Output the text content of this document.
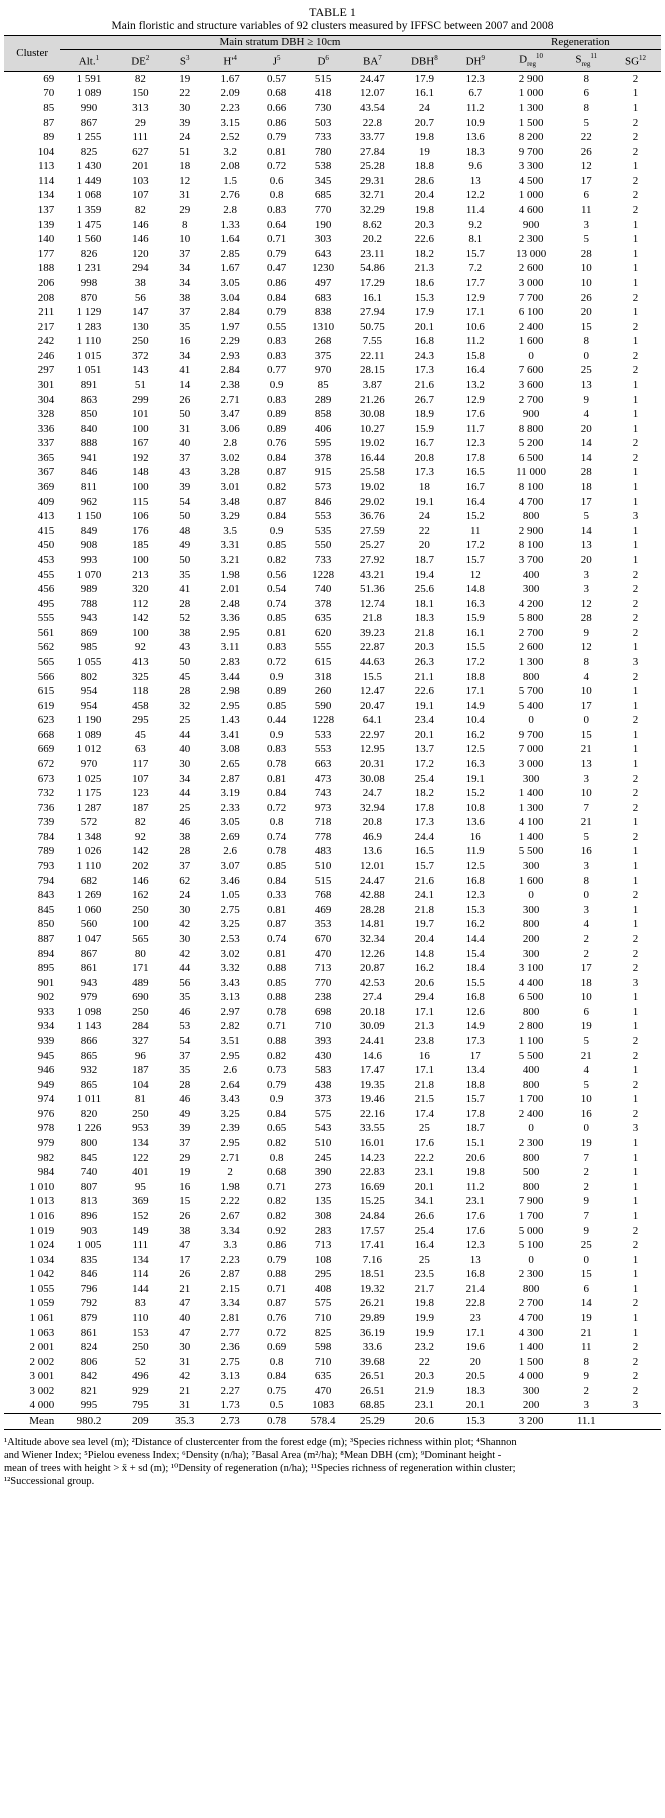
TABLE 1
Main floristic and structure variables of 92 clusters measured by IFFSC between 2007 and 2008
Cluster	Main stratum DBH ≥ 10cm									Regeneration		
	Alt.$^1$	$DE^2$	$S^3$	$H'^4$	$J^5$	$D^6$	$BA^7$	DBH$^8$	$DH^9$	$D_{reg}^{10}$	$S_{reg}^{11}$	SG$^{12}$
69	1 591	82	19	1.67	0.57	515	24.47	17.9	12.3	2 900	8	2
70	1 089	150	22	2.09	0.68	418	12.07	16.1	6.7	1 000	6	1
85	990	313	30	2.23	0.66	730	43.54	24	11.2	1 300	8	1
87	867	29	39	3.15	0.86	503	22.8	20.7	10.9	1 500	5	2
89	1 255	111	24	2.52	0.79	733	33.77	19.8	13.6	8 200	22	2
104	825	627	51	3.2	0.81	780	27.84	19	18.3	9 700	26	2
113	1 430	201	18	2.08	0.72	538	25.28	18.8	9.6	3 300	12	1
114	1 449	103	12	1.5	0.6	345	29.31	28.6	13	4 500	17	2
134	1 068	107	31	2.76	0.8	685	32.71	20.4	12.2	1 000	6	2
137	1 359	82	29	2.8	0.83	770	32.29	19.8	11.4	4 600	11	2
139	1 475	146	8	1.33	0.64	190	8.62	20.3	9.2	900	3	1
140	1 560	146	10	1.64	0.71	303	20.2	22.6	8.1	2 300	5	1
177	826	120	37	2.85	0.79	643	23.11	18.2	15.7	13 000	28	1
188	1 231	294	34	1.67	0.47	1230	54.86	21.3	7.2	2 600	10	1
206	998	38	34	3.05	0.86	497	17.29	18.6	17.7	3 000	10	1
208	870	56	38	3.04	0.84	683	16.1	15.3	12.9	7 700	26	2
211	1 129	147	37	2.84	0.79	838	27.94	17.9	17.1	6 100	20	1
217	1 283	130	35	1.97	0.55	1310	50.75	20.1	10.6	2 400	15	2
242	1 110	250	16	2.29	0.83	268	7.55	16.8	11.2	1 600	8	1
246	1 015	372	34	2.93	0.83	375	22.11	24.3	15.8	0	0	2
297	1 051	143	41	2.84	0.77	970	28.15	17.3	16.4	7 600	25	2
301	891	51	14	2.38	0.9	85	3.87	21.6	13.2	3 600	13	1
304	863	299	26	2.71	0.83	289	21.26	26.7	12.9	2 700	9	1
328	850	101	50	3.47	0.89	858	30.08	18.9	17.6	900	4	1
336	840	100	31	3.06	0.89	406	10.27	15.9	11.7	8 800	20	1
337	888	167	40	2.8	0.76	595	19.02	16.7	12.3	5 200	14	2
365	941	192	37	3.02	0.84	378	16.44	20.8	17.8	6 500	14	2
367	846	148	43	3.28	0.87	915	25.58	17.3	16.5	11 000	28	1
369	811	100	39	3.01	0.82	573	19.02	18	16.7	8 100	18	1
409	962	115	54	3.48	0.87	846	29.02	19.1	16.4	4 700	17	1
413	1 150	106	50	3.29	0.84	553	36.76	24	15.2	800	5	3
415	849	176	48	3.5	0.9	535	27.59	22	11	2 900	14	1
450	908	185	49	3.31	0.85	550	25.27	20	17.2	8 100	13	1
453	993	100	50	3.21	0.82	733	27.92	18.7	15.7	3 700	20	1
455	1 070	213	35	1.98	0.56	1228	43.21	19.4	12	400	3	2
456	989	320	41	2.01	0.54	740	51.36	25.6	14.8	300	3	2
495	788	112	28	2.48	0.74	378	12.74	18.1	16.3	4 200	12	2
555	943	142	52	3.36	0.85	635	21.8	18.3	15.9	5 800	28	2
561	869	100	38	2.95	0.81	620	39.23	21.8	16.1	2 700	9	2
562	985	92	43	3.11	0.83	555	22.87	20.3	15.5	2 600	12	1
565	1 055	413	50	2.83	0.72	615	44.63	26.3	17.2	1 300	8	3
566	802	325	45	3.44	0.9	318	15.5	21.1	18.8	800	4	2
615	954	118	28	2.98	0.89	260	12.47	22.6	17.1	5 700	10	1
619	954	458	32	2.95	0.85	590	20.47	19.1	14.9	5 400	17	1
623	1 190	295	25	1.43	0.44	1228	64.1	23.4	10.4	0	0	2
668	1 089	45	44	3.41	0.9	533	22.97	20.1	16.2	9 700	15	1
669	1 012	63	40	3.08	0.83	553	12.95	13.7	12.5	7 000	21	1
672	970	117	30	2.65	0.78	663	20.31	17.2	16.3	3 000	13	1
673	1 025	107	34	2.87	0.81	473	30.08	25.4	19.1	300	3	2
732	1 175	123	44	3.19	0.84	743	24.7	18.2	15.2	1 400	10	2
736	1 287	187	25	2.33	0.72	973	32.94	17.8	10.8	1 300	7	2
739	572	82	46	3.05	0.8	718	20.8	17.3	13.6	4 100	21	1
784	1 348	92	38	2.69	0.74	778	46.9	24.4	16	1 400	5	2
789	1 026	142	28	2.6	0.78	483	13.6	16.5	11.9	5 500	16	1
793	1 110	202	37	3.07	0.85	510	12.01	15.7	12.5	300	3	1
794	682	146	62	3.46	0.84	515	24.47	21.6	16.8	1 600	8	1
843	1 269	162	24	1.05	0.33	768	42.88	24.1	12.3	0	0	2
845	1 060	250	30	2.75	0.81	469	28.28	21.8	15.3	300	3	1
850	560	100	42	3.25	0.87	353	14.81	19.7	16.2	800	4	1
887	1 047	565	30	2.53	0.74	670	32.34	20.4	14.4	200	2	2
894	867	80	42	3.02	0.81	470	12.26	14.8	15.4	300	2	2
895	861	171	44	3.32	0.88	713	20.87	16.2	18.4	3 100	17	2
901	943	489	56	3.43	0.85	770	42.53	20.6	15.5	4 400	18	3
902	979	690	35	3.13	0.88	238	27.4	29.4	16.8	6 500	10	1
933	1 098	250	46	2.97	0.78	698	20.18	17.1	12.6	800	6	1
934	1 143	284	53	2.82	0.71	710	30.09	21.3	14.9	2 800	19	1
939	866	327	54	3.51	0.88	393	24.41	23.8	17.3	1 100	5	2
945	865	96	37	2.95	0.82	430	14.6	16	17	5 500	21	2
946	932	187	35	2.6	0.73	583	17.47	17.1	13.4	400	4	1
949	865	104	28	2.64	0.79	438	19.35	21.8	18.8	800	5	2
974	1 011	81	46	3.43	0.9	373	19.46	21.5	15.7	1 700	10	1
976	820	250	49	3.25	0.84	575	22.16	17.4	17.8	2 400	16	2
978	1 226	953	39	2.39	0.65	543	33.55	25	18.7	0	0	3
979	800	134	37	2.95	0.82	510	16.01	17.6	15.1	2 300	19	1
982	845	122	29	2.71	0.8	245	14.23	22.2	20.6	800	7	1
984	740	401	19	2	0.68	390	22.83	23.1	19.8	500	2	1
1 010	807	95	16	1.98	0.71	273	16.69	20.1	11.2	800	2	1
1 013	813	369	15	2.22	0.82	135	15.25	34.1	23.1	7 900	9	1
1 016	896	152	26	2.67	0.82	308	24.84	26.6	17.6	1 700	7	1
1 019	903	149	38	3.34	0.92	283	17.57	25.4	17.6	5 000	9	2
1 024	1 005	111	47	3.3	0.86	713	17.41	16.4	12.3	5 100	25	2
1 034	835	134	17	2.23	0.79	108	7.16	25	13	0	0	1
1 042	846	114	26	2.87	0.88	295	18.51	23.5	16.8	2 300	15	1
1 055	796	144	21	2.15	0.71	408	19.32	21.7	21.4	800	6	1
1 059	792	83	47	3.34	0.87	575	26.21	19.8	22.8	2 700	14	2
1 061	879	110	40	2.81	0.76	710	29.89	19.9	23	4 700	19	1
1 063	861	153	47	2.77	0.72	825	36.19	19.9	17.1	4 300	21	1
2 001	824	250	30	2.36	0.69	598	33.6	23.2	19.6	1 400	11	2
2 002	806	52	31	2.75	0.8	710	39.68	22	20	1 500	8	2
3 001	842	496	42	3.13	0.84	635	26.51	20.3	20.5	4 000	9	2
3 002	821	929	21	2.27	0.75	470	26.51	21.9	18.3	300	2	2
4 000	995	795	31	1.73	0.5	1083	68.85	23.1	20.1	200	3	3
Mean	980.2	209	35.3	2.73	0.78	578.4	25.29	20.6	15.3	3 200	11.1	
¹Altitude above sea level (m); ²Distance of clustercenter from the forest edge (m); ³Species richness within plot; ⁴Shannon
and Wiener Index; ⁵Pielou eveness Index; ⁶Density (n/ha); ⁷Basal Area (m²/ha); ⁸Mean DBH (cm); ⁹Dominant height -
mean of trees with height > x̄ + sd (m); ¹⁰Density of regeneration (n/ha); ¹¹Species richness of regeneration within cluster;
¹²Successional group.
